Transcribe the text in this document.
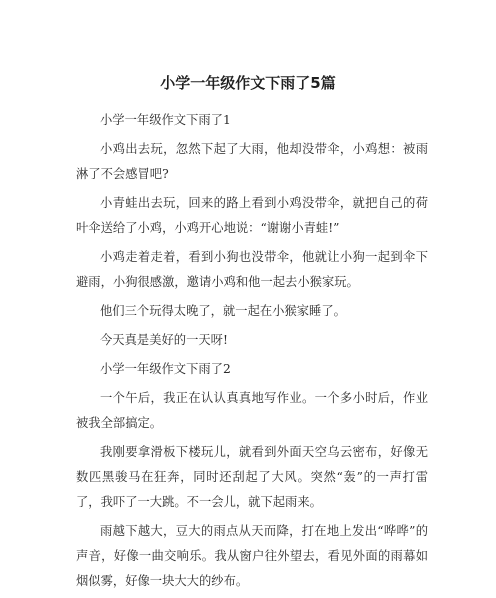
小学一年级作文下雨了5篇

小学一年级作文下雨了1

小鸡出去玩，忽然下起了大雨，他却没带伞，小鸡想：被雨淋了不会感冒吧?

小青蛙出去玩，回来的路上看到小鸡没带伞，就把自己的荷叶伞送给了小鸡，小鸡开心地说：“谢谢小青蛙!”

小鸡走着走着，看到小狗也没带伞，他就让小狗一起到伞下避雨，小狗很感激，邀请小鸡和他一起去小猴家玩。

他们三个玩得太晚了，就一起在小猴家睡了。

今天真是美好的一天呀!

小学一年级作文下雨了2

一个午后，我正在认认真真地写作业。一个多小时后，作业被我全部搞定。

我刚要拿滑板下楼玩儿，就看到外面天空乌云密布，好像无数匹黑骏马在狂奔，同时还刮起了大风。突然“轰”的一声打雷了，我吓了一大跳。不一会儿，就下起雨来。

雨越下越大，豆大的雨点从天而降，打在地上发出“哗哗”的声音，好像一曲交响乐。我从窗户往外望去，看见外面的雨幕如烟似雾，好像一块大大的纱布。
